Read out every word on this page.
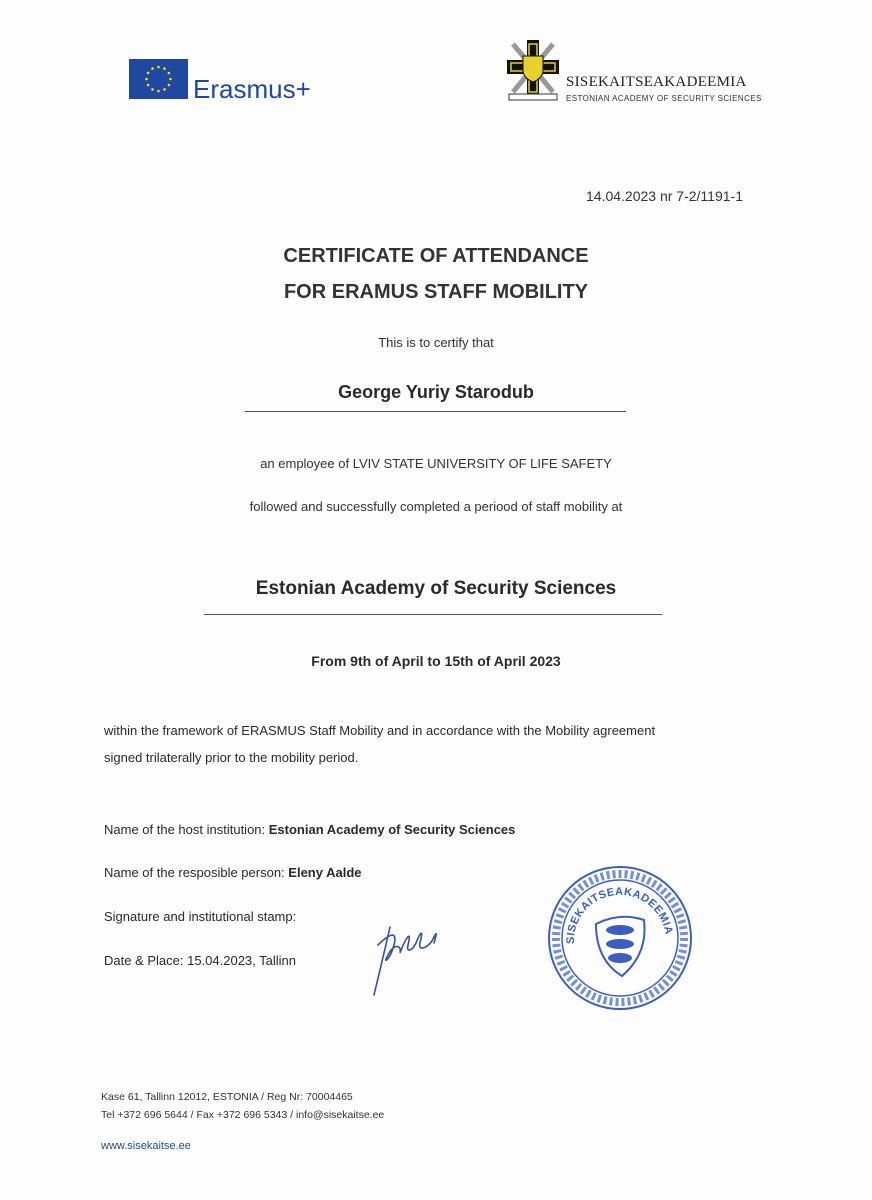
Erasmus+	SISEKAITSEAKADEEMIA
ESTONIAN ACADEMY OF SECURITY SCIENCES
14.04.2023 nr 7-2/1191-1
CERTIFICATE OF ATTENDANCE
FOR ERAMUS STAFF MOBILITY
This is to certify that
George Yuriy Starodub
an employee of LVIV STATE UNIVERSITY OF LIFE SAFETY
followed and successfully completed a periood of staff mobility at
Estonian Academy of Security Sciences
From 9th of April to 15th of April 2023
within the framework of ERASMUS Staff Mobility and in accordance with the Mobility agreement
signed trilaterally prior to the mobility period.
Name of the host institution: Estonian Academy of Security Sciences
Name of the resposible person: Eleny Aalde
Signature and institutional stamp:
Date & Place: 15.04.2023, Tallinn
SISEKAITSEAKADEEMIA
Kase 61, Tallinn 12012, ESTONIA / Reg Nr: 70004465
Tel +372 696 5644 / Fax +372 696 5343 / info@sisekaitse.ee
www.sisekaitse.ee
